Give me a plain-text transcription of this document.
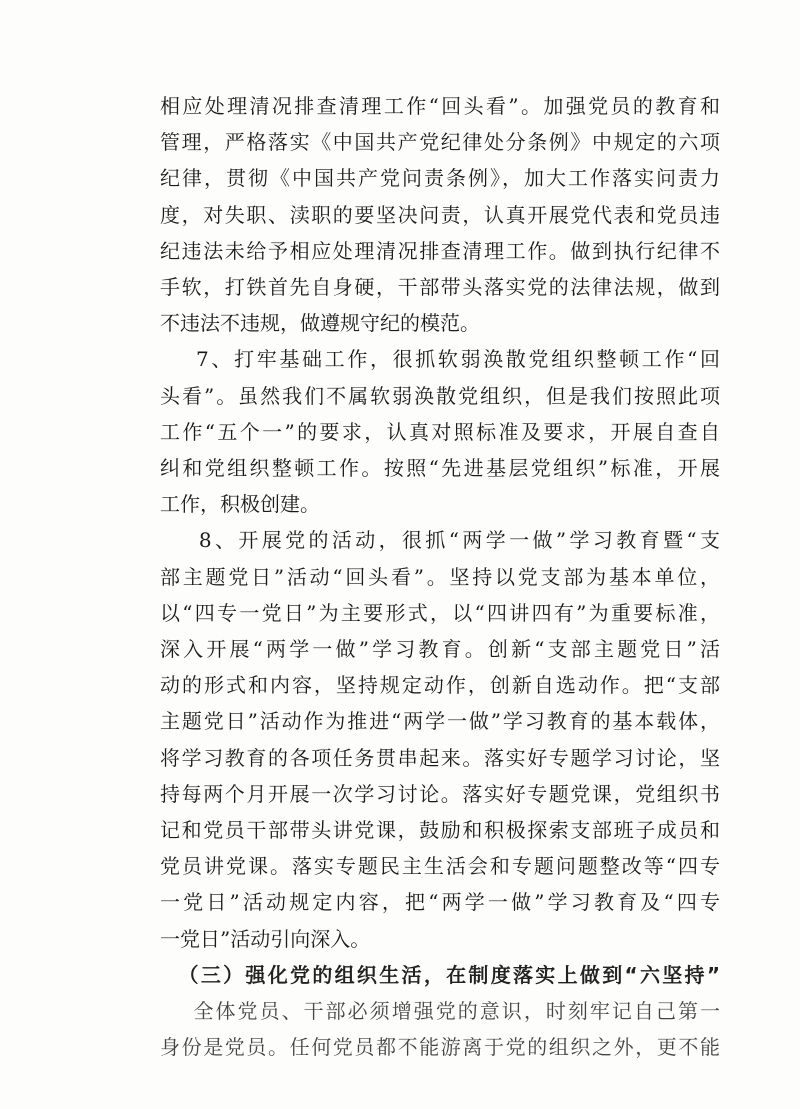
相应处理清况排查清理工作“回头看”。加强党员的教育和
管理，严格落实《中国共产党纪律处分条例》中规定的六项
纪律，贯彻《中国共产党问责条例》，加大工作落实问责力
度，对失职、渎职的要坚决问责，认真开展党代表和党员违
纪违法未给予相应处理清况排查清理工作。做到执行纪律不
手软，打铁首先自身硬，干部带头落实党的法律法规，做到
不违法不违规，做遵规守纪的模范。
7、打牢基础工作，很抓软弱涣散党组织整顿工作“回
头看”。虽然我们不属软弱涣散党组织，但是我们按照此项
工作“五个一”的要求，认真对照标准及要求，开展自查自
纠和党组织整顿工作。按照“先进基层党组织”标准，开展
工作，积极创建。
8、开展党的活动，很抓“两学一做”学习教育暨“支
部主题党日”活动“回头看”。坚持以党支部为基本单位，
以“四专一党日”为主要形式，以“四讲四有”为重要标准，
深入开展“两学一做”学习教育。创新“支部主题党日”活
动的形式和内容，坚持规定动作，创新自选动作。把“支部
主题党日”活动作为推进“两学一做”学习教育的基本载体，
将学习教育的各项任务贯串起来。落实好专题学习讨论，坚
持每两个月开展一次学习讨论。落实好专题党课，党组织书
记和党员干部带头讲党课，鼓励和积极探索支部班子成员和
党员讲党课。落实专题民主生活会和专题问题整改等“四专
一党日”活动规定内容，把“两学一做”学习教育及“四专
一党日”活动引向深入。
（三）强化党的组织生活，在制度落实上做到“六坚持”
全体党员、干部必须增强党的意识，时刻牢记自己第一
身份是党员。任何党员都不能游离于党的组织之外，更不能
